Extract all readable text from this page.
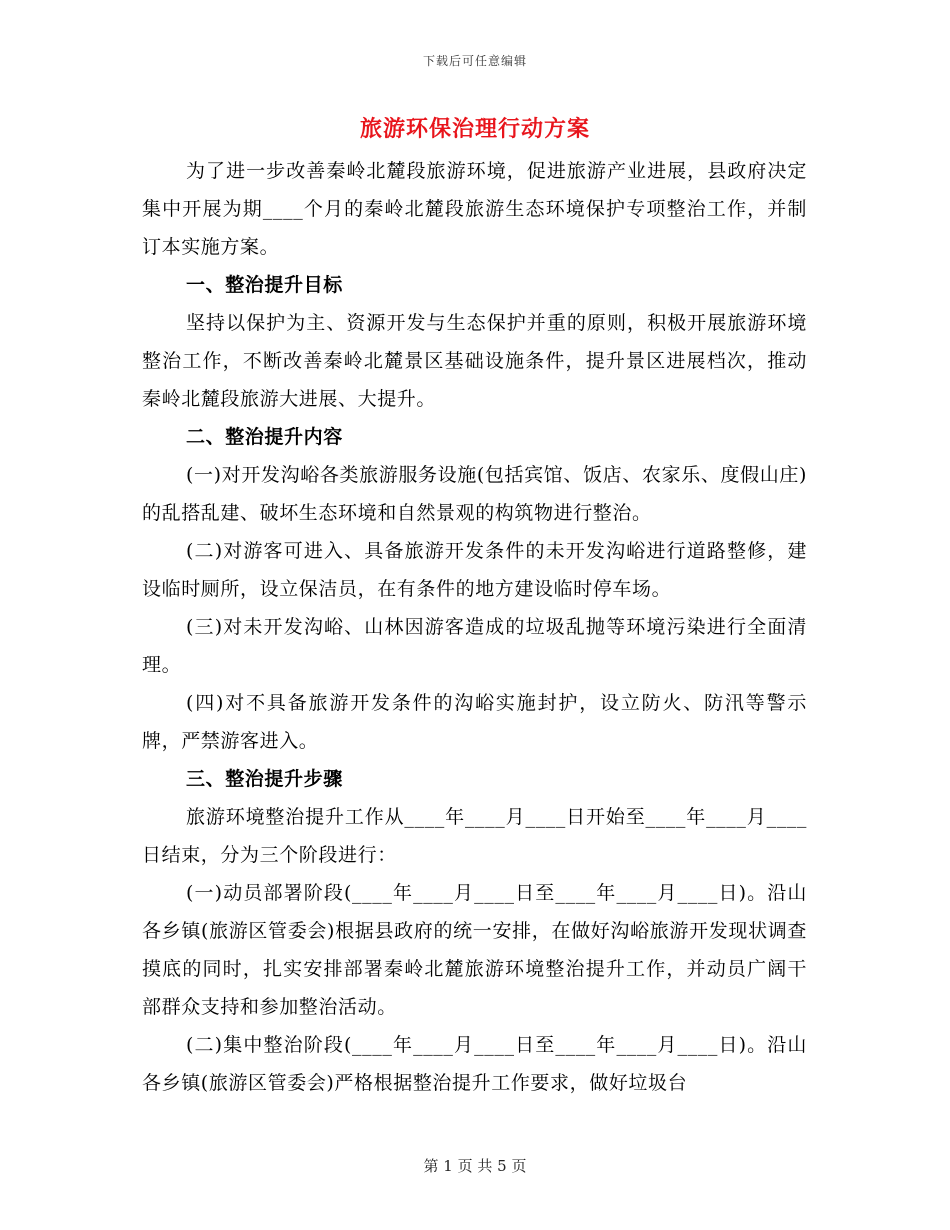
下载后可任意编辑
旅游环保治理行动方案

为了进一步改善秦岭北麓段旅游环境，促进旅游产业进展，县政府决定集中开展为期____个月的秦岭北麓段旅游生态环境保护专项整治工作，并制订本实施方案。

一、整治提升目标

坚持以保护为主、资源开发与生态保护并重的原则，积极开展旅游环境整治工作，不断改善秦岭北麓景区基础设施条件，提升景区进展档次，推动秦岭北麓段旅游大进展、大提升。

二、整治提升内容

(一)对开发沟峪各类旅游服务设施(包括宾馆、饭店、农家乐、度假山庄)的乱搭乱建、破坏生态环境和自然景观的构筑物进行整治。

(二)对游客可进入、具备旅游开发条件的未开发沟峪进行道路整修，建设临时厕所，设立保洁员，在有条件的地方建设临时停车场。

(三)对未开发沟峪、山林因游客造成的垃圾乱抛等环境污染进行全面清理。

(四)对不具备旅游开发条件的沟峪实施封护，设立防火、防汛等警示牌，严禁游客进入。

三、整治提升步骤

旅游环境整治提升工作从____年____月____日开始至____年____月____日结束，分为三个阶段进行：

(一)动员部署阶段(____年____月____日至____年____月____日)。沿山各乡镇(旅游区管委会)根据县政府的统一安排，在做好沟峪旅游开发现状调查摸底的同时，扎实安排部署秦岭北麓旅游环境整治提升工作，并动员广阔干部群众支持和参加整治活动。

(二)集中整治阶段(____年____月____日至____年____月____日)。沿山各乡镇(旅游区管委会)严格根据整治提升工作要求，做好垃圾台

第 1 页 共 5 页
